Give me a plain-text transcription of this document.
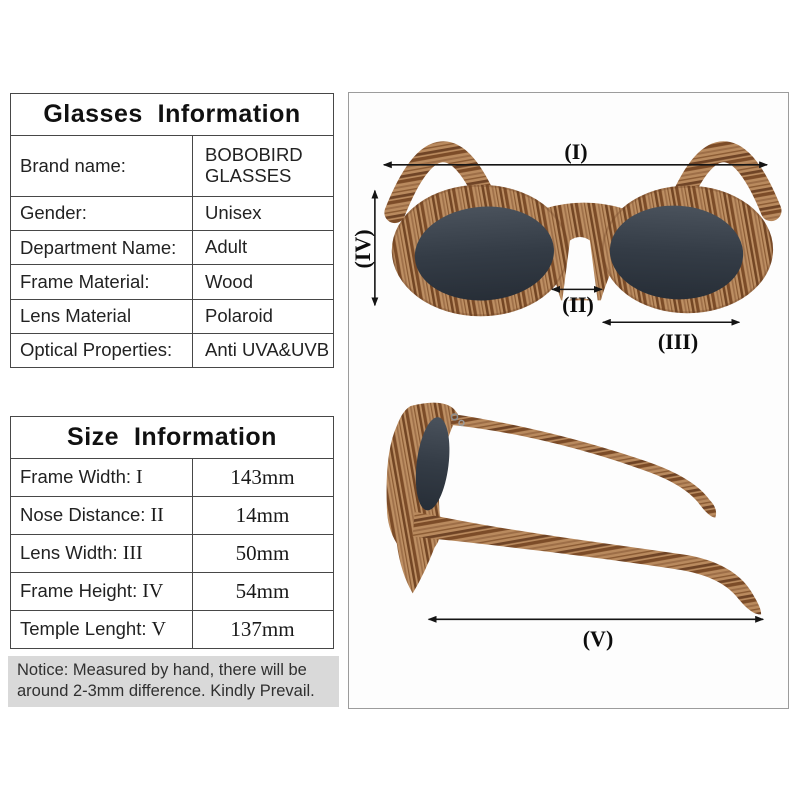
Glasses  Information	
Brand name:	BOBOBIRD GLASSES
Gender:	Unisex
Department Name:	Adult
Frame Material:	Wood
Lens Material	Polaroid
Optical Properties:	Anti UVA&UVB
Size  Information	
Frame Width: I	143mm
Nose Distance: II	14mm
Lens Width: III	50mm
Frame Height: IV	54mm
Temple Lenght: V	137mm
Notice: Measured by hand, there will be around 2-3mm difference. Kindly Prevail.
(I)
(IV)
(II)
(III)
(V)
